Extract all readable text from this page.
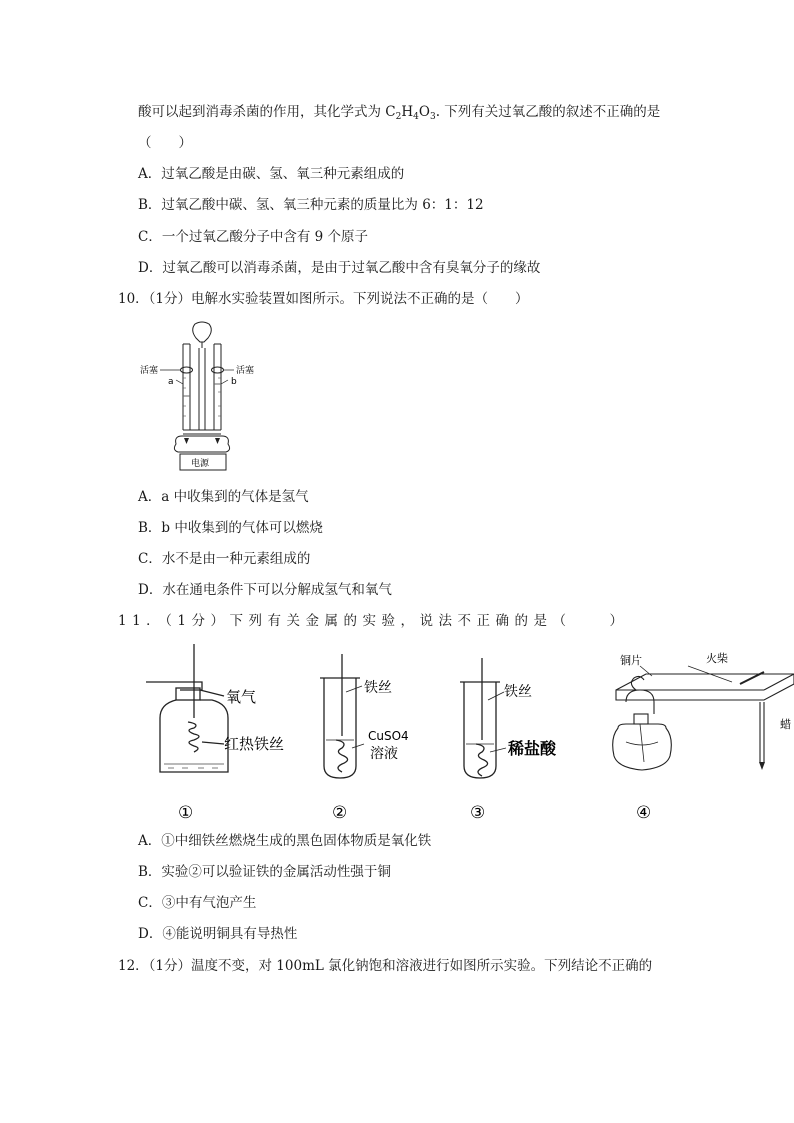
酸可以起到消毒杀菌的作用，其化学式为 $C_2H_4O_3$. 下列有关过氧乙酸的叙述不正确的是
（　　）
A．过氧乙酸是由碳、氢、氧三种元素组成的
B．过氧乙酸中碳、氢、氧三种元素的质量比为 6：1：12
C．一个过氧乙酸分子中含有 9 个原子
D．过氧乙酸可以消毒杀菌，是由于过氧乙酸中含有臭氧分子的缘故
10．（1分）电解水实验装置如图所示。下列说法不正确的是（　　）
活塞	活塞
a	b
电源
A．a 中收集到的气体是氢气
B．b 中收集到的气体可以燃烧
C．水不是由一种元素组成的
D．水在通电条件下可以分解成氢气和氧气
11．（1分）下列有关金属的实验，说法不正确的是（　　）
氧气
红热铁丝
①
铁丝
CuSO4
溶液
②
铁丝
稀盐酸
③
铜片	火柴
蜡
④
A．①中细铁丝燃烧生成的黑色固体物质是氧化铁
B．实验②可以验证铁的金属活动性强于铜
C．③中有气泡产生
D．④能说明铜具有导热性
12．（1分）温度不变，对 100mL 氯化钠饱和溶液进行如图所示实验。下列结论不正确的
